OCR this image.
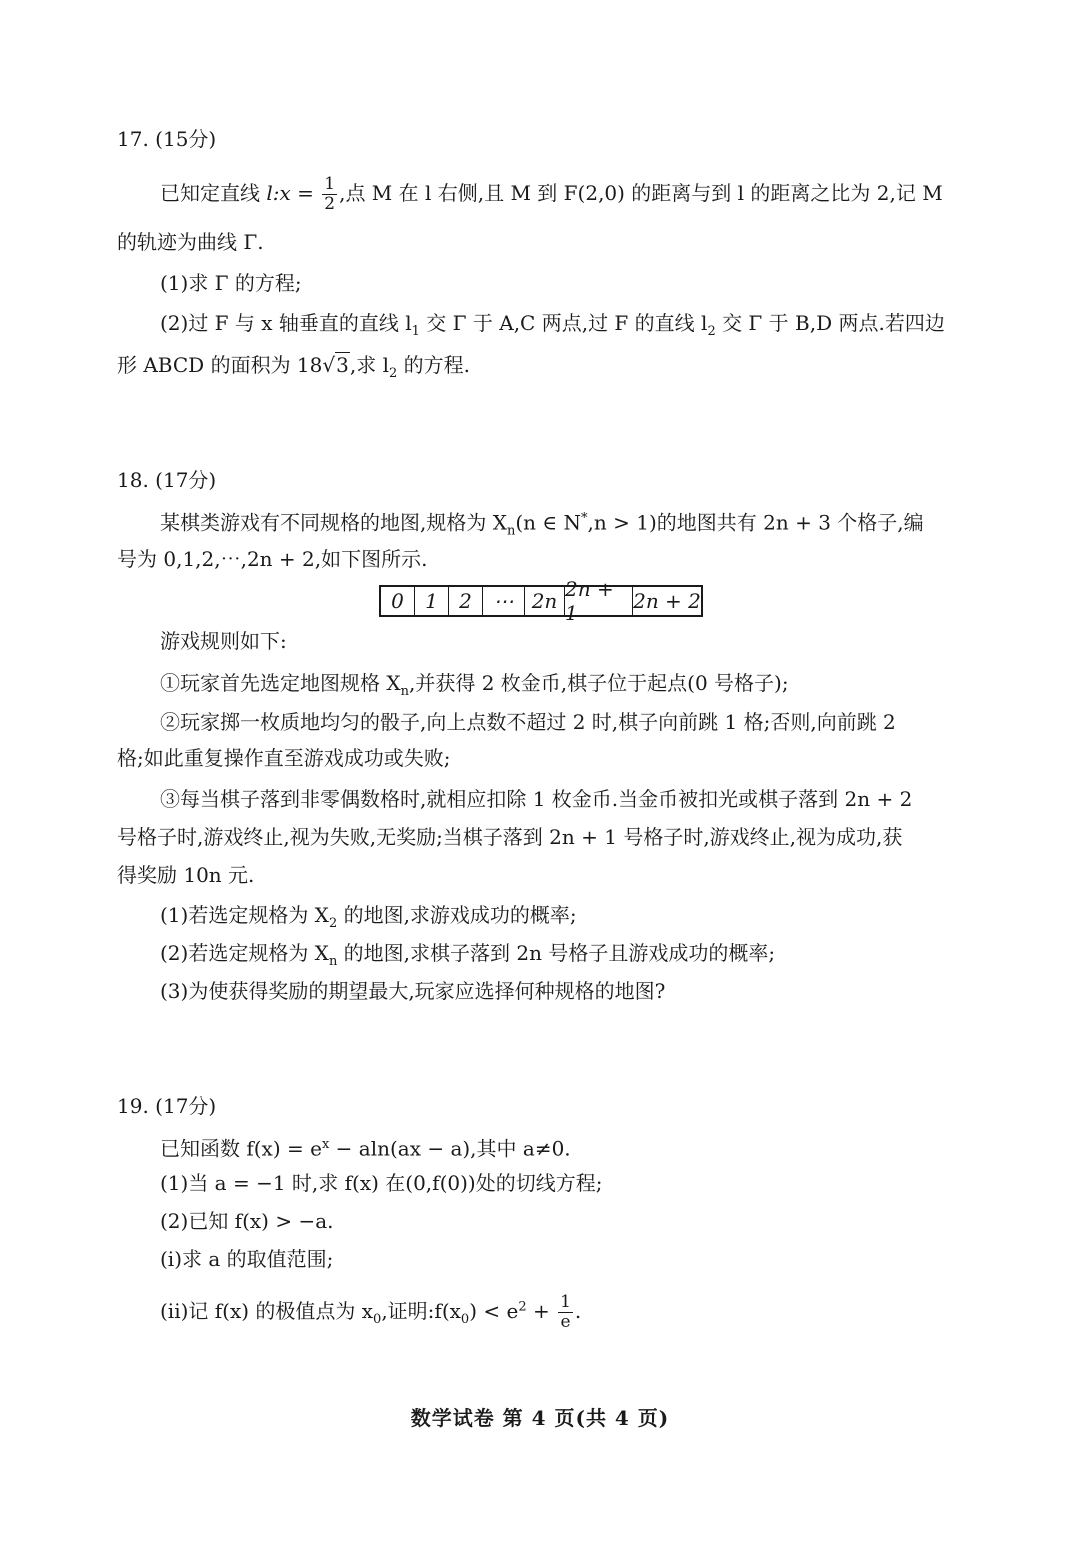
17. (15分)
已知定直线 l:x = $\frac{1}{2}$ ,点 M 在 l 右侧,且 M 到 F(2,0) 的距离与到 l 的距离之比为 2,记 M
的轨迹为曲线 Γ.
(1)求 Γ 的方程;
(2)过 F 与 x 轴垂直的直线 $l_1$ 交 Γ 于 A,C 两点,过 F 的直线 $l_2$ 交 Γ 于 B,D 两点.若四边
形 ABCD 的面积为 18√3,求 $l_2$ 的方程.
18. (17分)
某棋类游戏有不同规格的地图,规格为 $X_n(n$ ∈ N*,n > 1)的地图共有 2n + 3 个格子,编
号为 0,1,2,⋯,2n + 2,如下图所示.
0	1	2	⋯ 2n 2n + 1	2n + 2
游戏规则如下:
①玩家首先选定地图规格 $X_n$,并获得 2 枚金币,棋子位于起点(0 号格子);
②玩家掷一枚质地均匀的骰子,向上点数不超过 2 时,棋子向前跳 1 格;否则,向前跳 2
格;如此重复操作直至游戏成功或失败;
③每当棋子落到非零偶数格时,就相应扣除 1 枚金币.当金币被扣光或棋子落到 2n + 2
号格子时,游戏终止,视为失败,无奖励;当棋子落到 2n + 1 号格子时,游戏终止,视为成功,获
得奖励 10n 元.
(1)若选定规格为 $X_2$ 的地图,求游戏成功的概率;
(2)若选定规格为 $X_n$ 的地图,求棋子落到 2n 号格子且游戏成功的概率;
(3)为使获得奖励的期望最大,玩家应选择何种规格的地图?
19. (17分)
已知函数 $f(x) = e^x - aln(ax - a)$,其中 a≠0.
(1)当 a = −1 时,求 f(x) 在(0,f(0))处的切线方程;
(2)已知 f(x) > −a.
(i)求 a 的取值范围;
(ii)记 f(x) 的极值点为 $x_0$,证明$:f(x_0) < e^2 + \frac{1}{e}$ .
数学试卷 第 4 页(共 4 页)
